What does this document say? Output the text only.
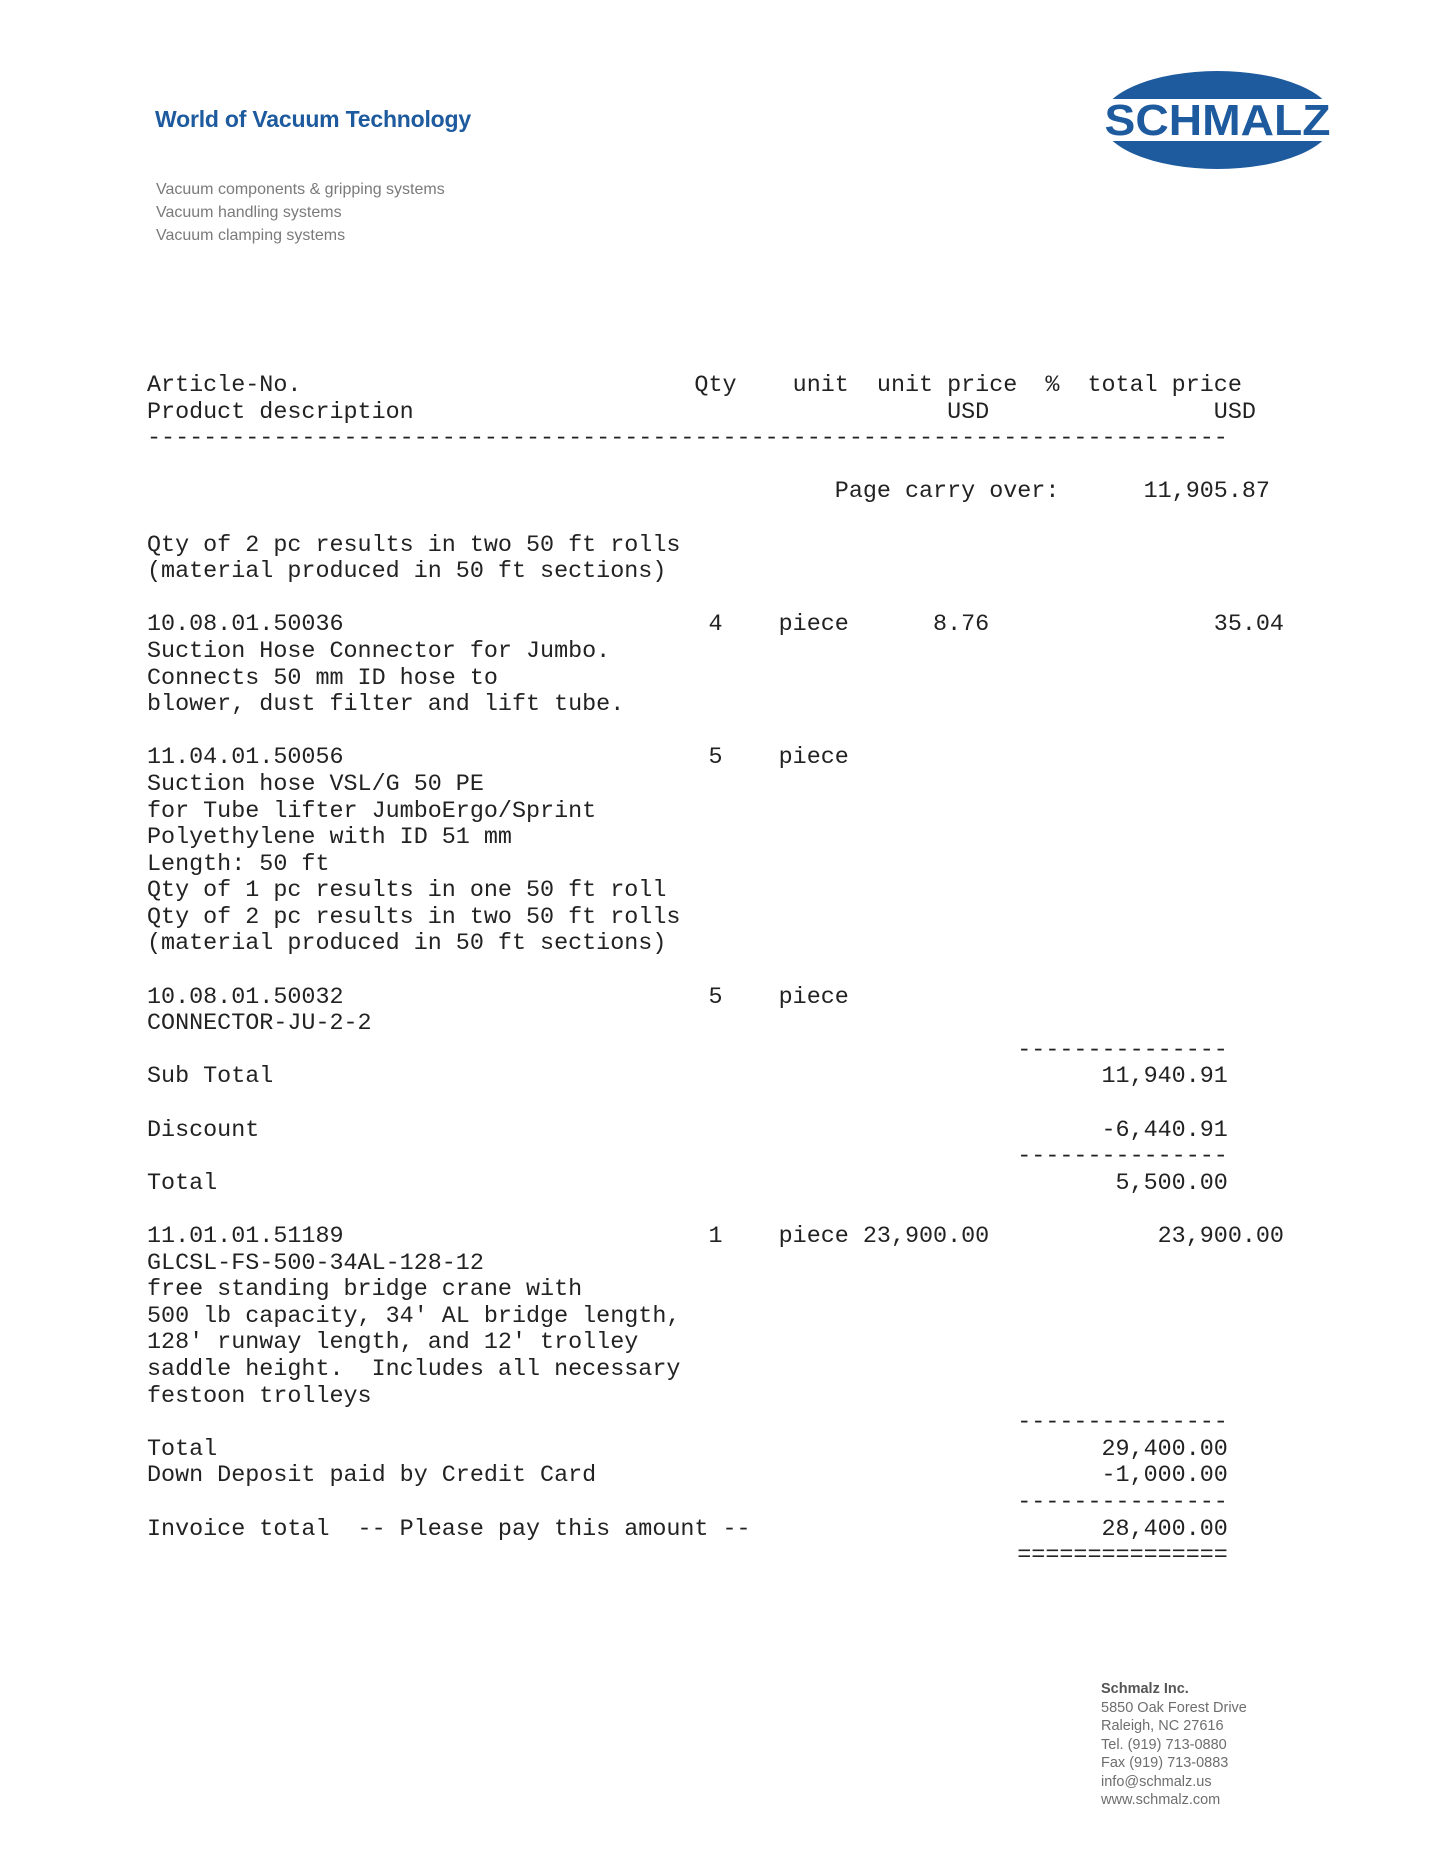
World of Vacuum Technology	SCHMALZ
Vacuum components & gripping systems
Vacuum handling systems
Vacuum clamping systems
Article-No.                            Qty    unit  unit price  %  total price
Product description                                      USD                USD
-----------------------------------------------------------------------------
Page carry over:      11,905.87
Qty of 2 pc results in two 50 ft rolls
(material produced in 50 ft sections)
10.08.01.50036                          4    piece      8.76                35.04
Suction Hose Connector for Jumbo.
Connects 50 mm ID hose to
blower, dust filter and lift tube.
11.04.01.50056                          5    piece
Suction hose VSL/G 50 PE
for Tube lifter JumboErgo/Sprint
Polyethylene with ID 51 mm
Length: 50 ft
Qty of 1 pc results in one 50 ft roll
Qty of 2 pc results in two 50 ft rolls
(material produced in 50 ft sections)
10.08.01.50032                          5    piece
CONNECTOR-JU-2-2
---------------
Sub Total                                                           11,940.91
Discount                                                            -6,440.91
---------------
Total                                                                5,500.00
11.01.01.51189                          1    piece 23,900.00            23,900.00
GLCSL-FS-500-34AL-128-12
free standing bridge crane with
500 lb capacity, 34' AL bridge length,
128' runway length, and 12' trolley
saddle height.  Includes all necessary
festoon trolleys
---------------
Total                                                               29,400.00
Down Deposit paid by Credit Card                                    -1,000.00
---------------
Invoice total  -- Please pay this amount --                         28,400.00
===============
Schmalz Inc.
5850 Oak Forest Drive
Raleigh, NC 27616
Tel. (919) 713-0880
Fax (919) 713-0883
info@schmalz.us
www.schmalz.com
